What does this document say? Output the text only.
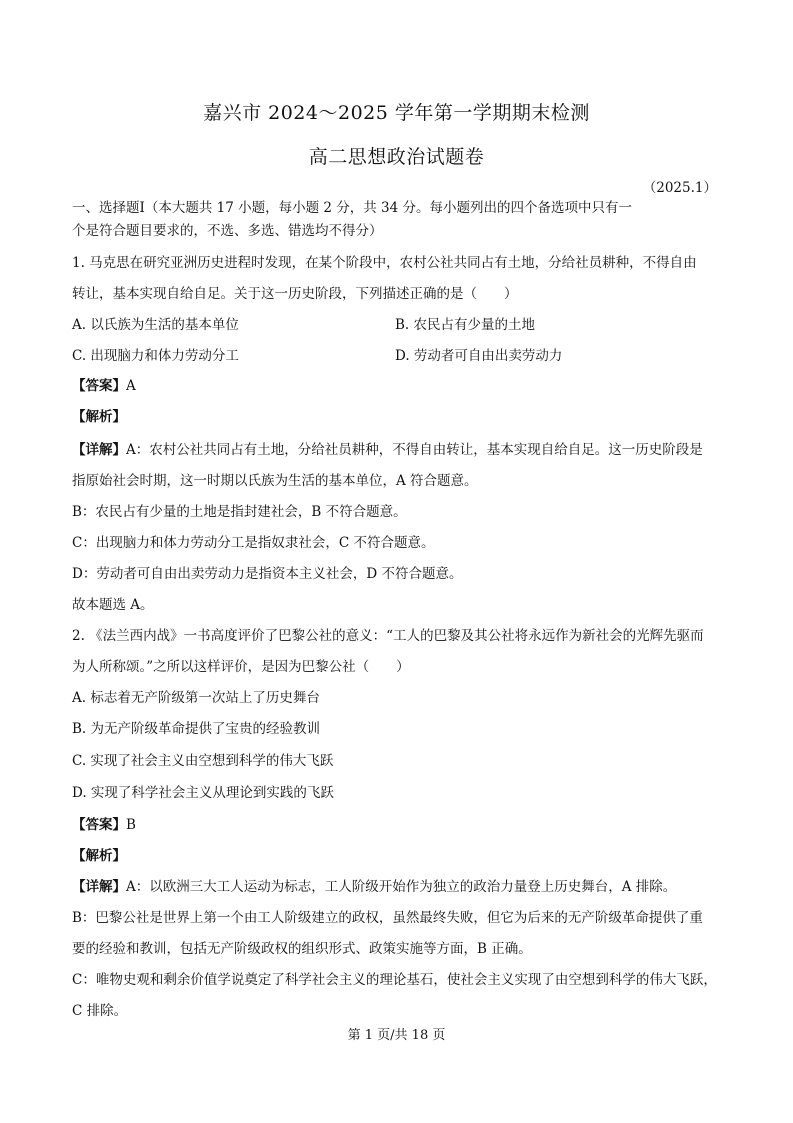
嘉兴市 2024～2025 学年第一学期期末检测
高二思想政治试题卷
（2025.1）
一、选择题Ⅰ（本大题共 17 小题，每小题 2 分，共 34 分。每小题列出的四个备选项中只有一
个是符合题目要求的，不选、多选、错选均不得分）
1. 马克思在研究亚洲历史进程时发现，在某个阶段中，农村公社共同占有土地，分给社员耕种，不得自由
转让，基本实现自给自足。关于这一历史阶段，下列描述正确的是（　　）
A. 以氏族为生活的基本单位	B. 农民占有少量的土地
C. 出现脑力和体力劳动分工	D. 劳动者可自由出卖劳动力
【答案】A
【解析】
【详解】A：农村公社共同占有土地，分给社员耕种，不得自由转让，基本实现自给自足。这一历史阶段是
指原始社会时期，这一时期以氏族为生活的基本单位，A 符合题意。
B：农民占有少量的土地是指封建社会，B 不符合题意。
C：出现脑力和体力劳动分工是指奴隶社会，C 不符合题意。
D：劳动者可自由出卖劳动力是指资本主义社会，D 不符合题意。
故本题选 A。
2. 《法兰西内战》一书高度评价了巴黎公社的意义：“工人的巴黎及其公社将永远作为新社会的光辉先驱而
为人所称颂。”之所以这样评价，是因为巴黎公社（　　）
A. 标志着无产阶级第一次站上了历史舞台
B. 为无产阶级革命提供了宝贵的经验教训
C. 实现了社会主义由空想到科学的伟大飞跃
D. 实现了科学社会主义从理论到实践的飞跃
【答案】B
【解析】
【详解】A：以欧洲三大工人运动为标志，工人阶级开始作为独立的政治力量登上历史舞台，A 排除。
B：巴黎公社是世界上第一个由工人阶级建立的政权，虽然最终失败，但它为后来的无产阶级革命提供了重
要的经验和教训，包括无产阶级政权的组织形式、政策实施等方面，B 正确。
C：唯物史观和剩余价值学说奠定了科学社会主义的理论基石，使社会主义实现了由空想到科学的伟大飞跃，
C 排除。
第 1 页/共 18 页
